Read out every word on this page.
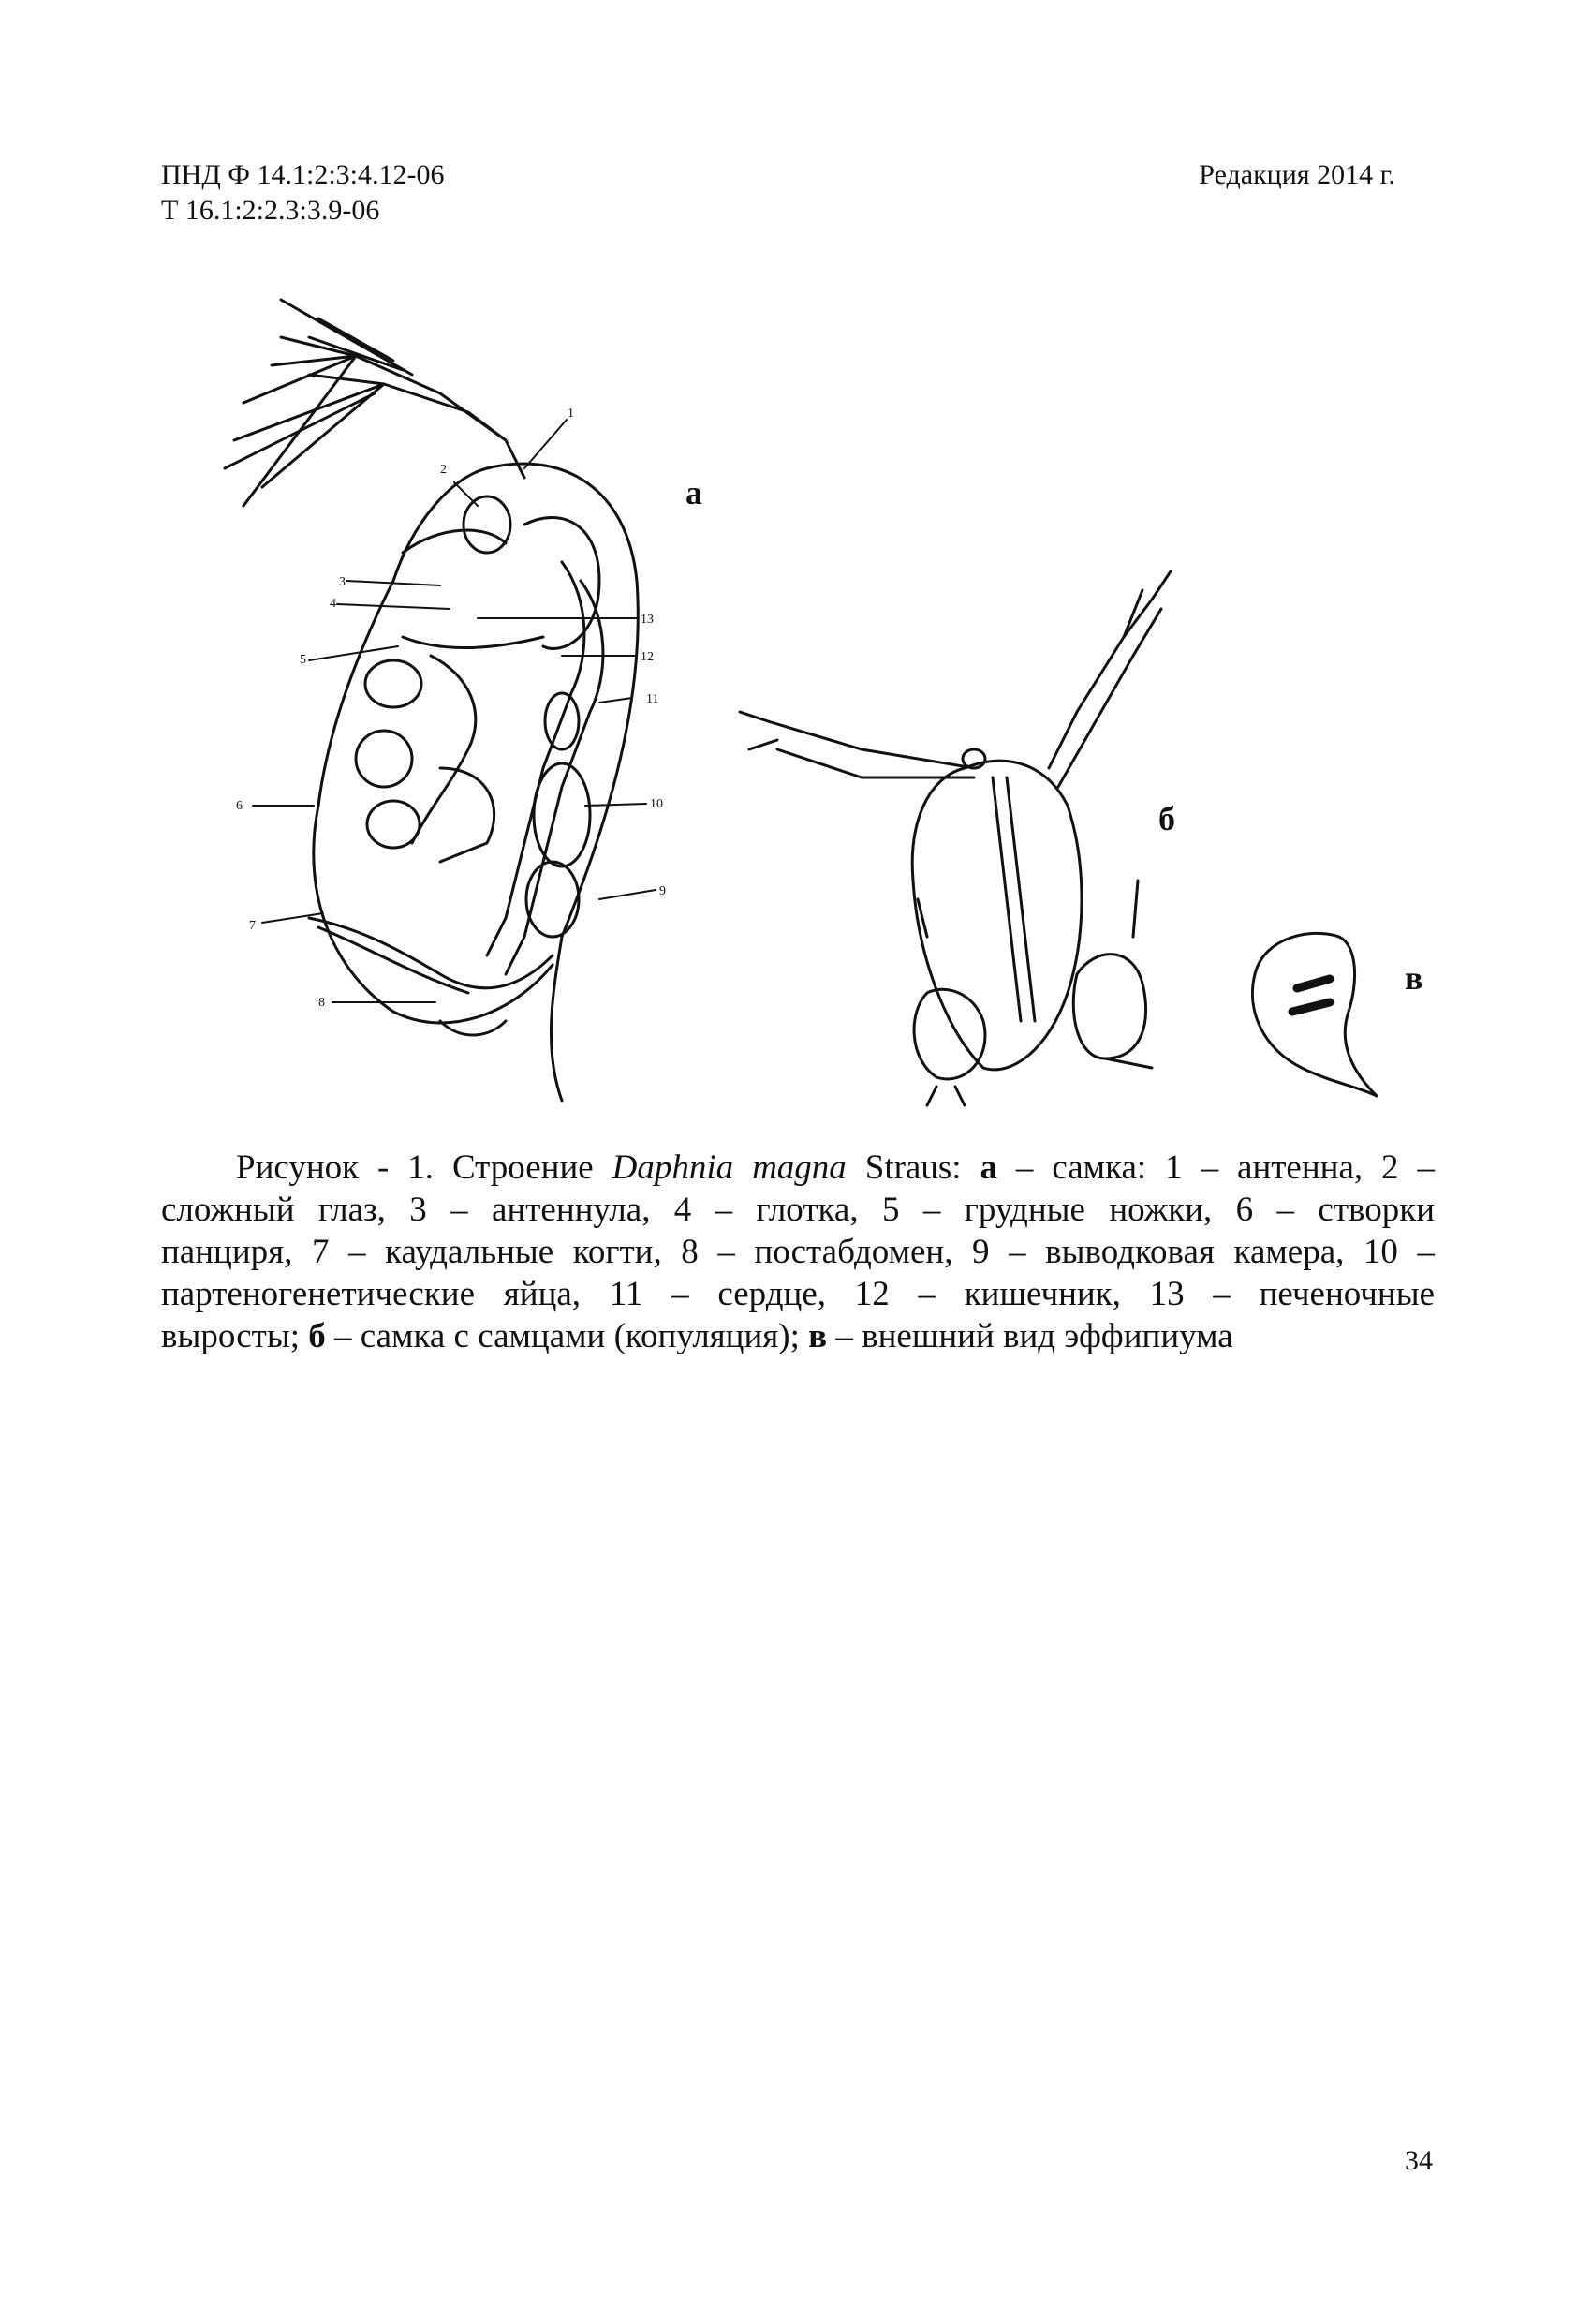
ПНД Ф 14.1:2:3:4.12-06
Т 16.1:2:2.3:3.9-06
Редакция 2014 г.
1
2
3
4
5
6
7
8
9
10
11
12
13
а
б
в
Рисунок - 1. Строение Daphnia magna Straus: а – самка: 1 – антенна, 2 –
сложный глаз, 3 – антеннула, 4 – глотка, 5 – грудные ножки, 6 – створки
панциря, 7 – каудальные когти, 8 – постабдомен, 9 – выводковая камера, 10 –
партеногенетические яйца, 11 – сердце, 12 – кишечник, 13 – печеночные
выросты; б – самка с самцами (копуляция); в – внешний вид эффипиума
34
